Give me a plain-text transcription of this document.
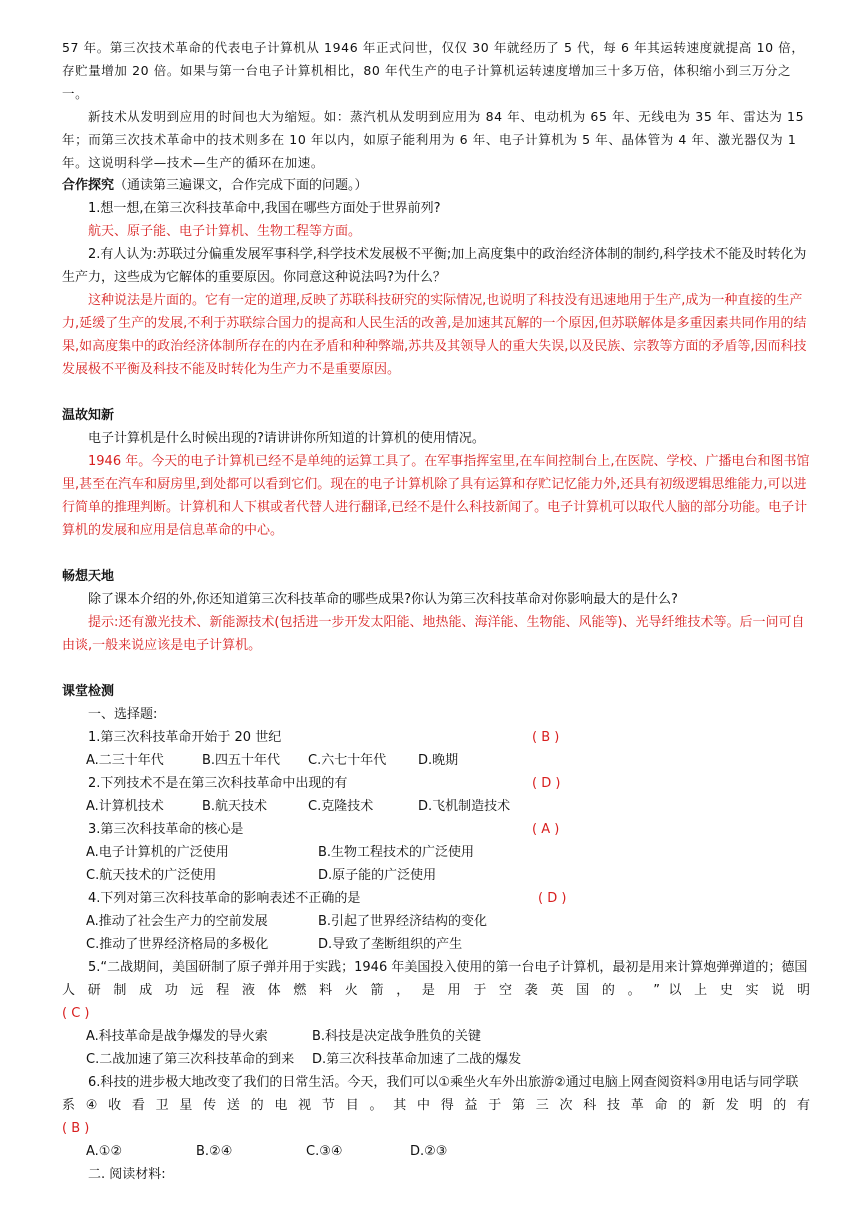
57 年。第三次技术革命的代表电子计算机从 1946 年正式问世，仅仅 30 年就经历了 5 代，每 6 年其运转速度就提高 10 倍，存贮量增加 20 倍。如果与第一台电子计算机相比，80 年代生产的电子计算机运转速度增加三十多万倍，体积缩小到三万分之一。

新技术从发明到应用的时间也大为缩短。如：蒸汽机从发明到应用为 84 年、电动机为 65 年、无线电为 35 年、雷达为 15 年；而第三次技术革命中的技术则多在 10 年以内，如原子能利用为 6 年、电子计算机为 5 年、晶体管为 4 年、激光器仅为 1 年。这说明科学—技术—生产的循环在加速。

合作探究（通读第三遍课文，合作完成下面的问题。）

1.想一想,在第三次科技革命中,我国在哪些方面处于世界前列?

航天、原子能、电子计算机、生物工程等方面。

2.有人认为:苏联过分偏重发展军事科学,科学技术发展极不平衡;加上高度集中的政治经济体制的制约,科学技术不能及时转化为生产力，这些成为它解体的重要原因。你同意这种说法吗?为什么？

这种说法是片面的。它有一定的道理,反映了苏联科技研究的实际情况,也说明了科技没有迅速地用于生产,成为一种直接的生产力,延缓了生产的发展,不利于苏联综合国力的提高和人民生活的改善,是加速其瓦解的一个原因,但苏联解体是多重因素共同作用的结果,如高度集中的政治经济体制所存在的内在矛盾和种种弊端,苏共及其领导人的重大失误,以及民族、宗教等方面的矛盾等,因而科技发展极不平衡及科技不能及时转化为生产力不是重要原因。

温故知新

电子计算机是什么时候出现的?请讲讲你所知道的计算机的使用情况。

1946 年。今天的电子计算机已经不是单纯的运算工具了。在军事指挥室里,在车间控制台上,在医院、学校、广播电台和图书馆里,甚至在汽车和厨房里,到处都可以看到它们。现在的电子计算机除了具有运算和存贮记忆能力外,还具有初级逻辑思维能力,可以进行简单的推理判断。计算机和人下棋或者代替人进行翻译,已经不是什么科技新闻了。电子计算机可以取代人脑的部分功能。电子计算机的发展和应用是信息革命的中心。

畅想天地

除了课本介绍的外,你还知道第三次科技革命的哪些成果?你认为第三次科技革命对你影响最大的是什么?

提示:还有激光技术、新能源技术(包括进一步开发太阳能、地热能、海洋能、生物能、风能等)、光导纤维技术等。后一问可自由谈,一般来说应该是电子计算机。

课堂检测

一、选择题:

1.第三次科技革命开始于 20 世纪	( B )
A.二三十年代	B.四五十年代 C.六七十年代 D.晚期
2.下列技术不是在第三次科技革命中出现的有	( D )
A.计算机技术	B.航天技术	C.克隆技术	D.飞机制造技术
3.第三次科技革命的核心是	( A )
A.电子计算机的广泛使用	B.生物工程技术的广泛使用
C.航天技术的广泛使用	D.原子能的广泛使用
4.下列对第三次科技革命的影响表述不正确的是	( D )
A.推动了社会生产力的空前发展	B.引起了世界经济结构的变化
C.推动了世界经济格局的多极化	D.导致了垄断组织的产生

5.“二战期间，美国研制了原子弹并用于实践；1946 年美国投入使用的第一台电子计算机，最初是用来计算炮弹弹道的；德国

人 研 制 成 功 远 程 液 体 燃 料 火 箭 ， 是 用 于 空 袭 英 国 的 。 ” 以 上 史 实 说 明

( C )

A.科技革命是战争爆发的导火索	B.科技是决定战争胜负的关键
C.二战加速了第三次科技革命的到来 D.第三次科技革命加速了二战的爆发

6.科技的进步极大地改变了我们的日常生活。今天，我们可以①乘坐火车外出旅游②通过电脑上网查阅资料③用电话与同学联

系 ④ 收 看 卫 星 传 送 的 电 视 节 目 。 其 中 得 益 于 第 三 次 科 技 革 命 的 新 发 明 的 有

( B )

A.①②	B.②④	C.③④	D.②③

二. 阅读材料:
